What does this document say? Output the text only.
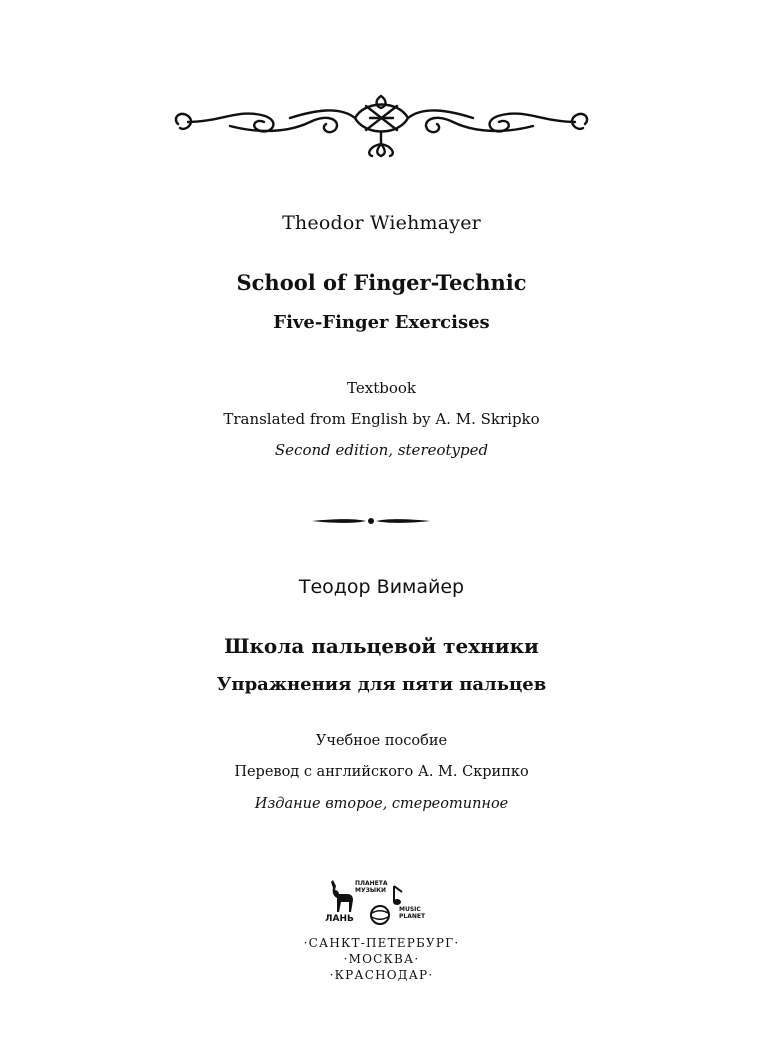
Theodor Wiehmayer
School of Finger-Technic
Five-Finger Exercises
Textbook
Translated from English by A. M. Skripko
Second edition, stereotyped
Теодор Вимайер
Школа пальцевой техники
Упражнения для пяти пальцев
Учебное пособие
Перевод с английского А. М. Скрипко
Издание второе, стереотипное
ПЛАНЕТА
МУЗЫКИ
ЛАНЬ
MUSIC
PLANET
·САНКТ-ПЕТЕРБУРГ·
·МОСКВА·
·КРАСНОДАР·
